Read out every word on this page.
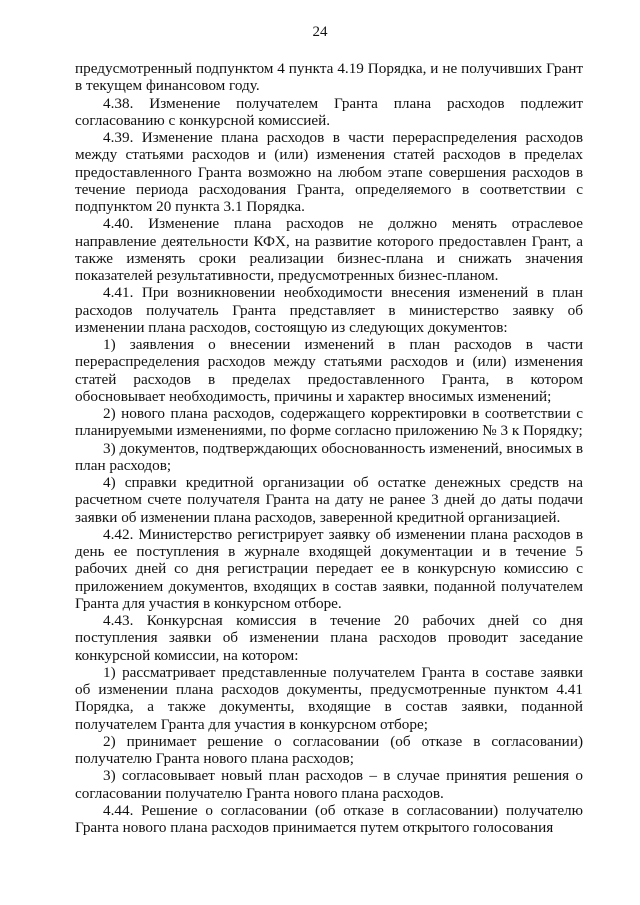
24

предусмотренный подпунктом 4 пункта 4.19 Порядка, и не получивших Грант в текущем финансовом году.

4.38. Изменение получателем Гранта плана расходов подлежит согласованию с конкурсной комиссией.

4.39. Изменение плана расходов в части перераспределения расходов между статьями расходов и (или) изменения статей расходов в пределах предоставленного Гранта возможно на любом этапе совершения расходов в течение периода расходования Гранта, определяемого в соответствии с подпунктом 20 пункта 3.1 Порядка.

4.40. Изменение плана расходов не должно менять отраслевое направление деятельности КФХ, на развитие которого предоставлен Грант, а также изменять сроки реализации бизнес-плана и снижать значения показателей результативности, предусмотренных бизнес-планом.

4.41. При возникновении необходимости внесения изменений в план расходов получатель Гранта представляет в министерство заявку об изменении плана расходов, состоящую из следующих документов:

1) заявления о внесении изменений в план расходов в части перераспределения расходов между статьями расходов и (или) изменения статей расходов в пределах предоставленного Гранта, в котором обосновывает необходимость, причины и характер вносимых изменений;

2) нового плана расходов, содержащего корректировки в соответствии с планируемыми изменениями, по форме согласно приложению № 3 к Порядку;

3) документов, подтверждающих обоснованность изменений, вносимых в план расходов;

4) справки кредитной организации об остатке денежных средств на расчетном счете получателя Гранта на дату не ранее 3 дней до даты подачи заявки об изменении плана расходов, заверенной кредитной организацией.

4.42. Министерство регистрирует заявку об изменении плана расходов в день ее поступления в журнале входящей документации и в течение 5 рабочих дней со дня регистрации передает ее в конкурсную комиссию с приложением документов, входящих в состав заявки, поданной получателем Гранта для участия в конкурсном отборе.

4.43. Конкурсная комиссия в течение 20 рабочих дней со дня поступления заявки об изменении плана расходов проводит заседание конкурсной комиссии, на котором:

1) рассматривает представленные получателем Гранта в составе заявки об изменении плана расходов документы, предусмотренные пунктом 4.41 Порядка, а также документы, входящие в состав заявки, поданной получателем Гранта для участия в конкурсном отборе;

2) принимает решение о согласовании (об отказе в согласовании) получателю Гранта нового плана расходов;

3) согласовывает новый план расходов – в случае принятия решения о согласовании получателю Гранта нового плана расходов.

4.44. Решение о согласовании (об отказе в согласовании) получателю Гранта нового плана расходов принимается путем открытого голосования
